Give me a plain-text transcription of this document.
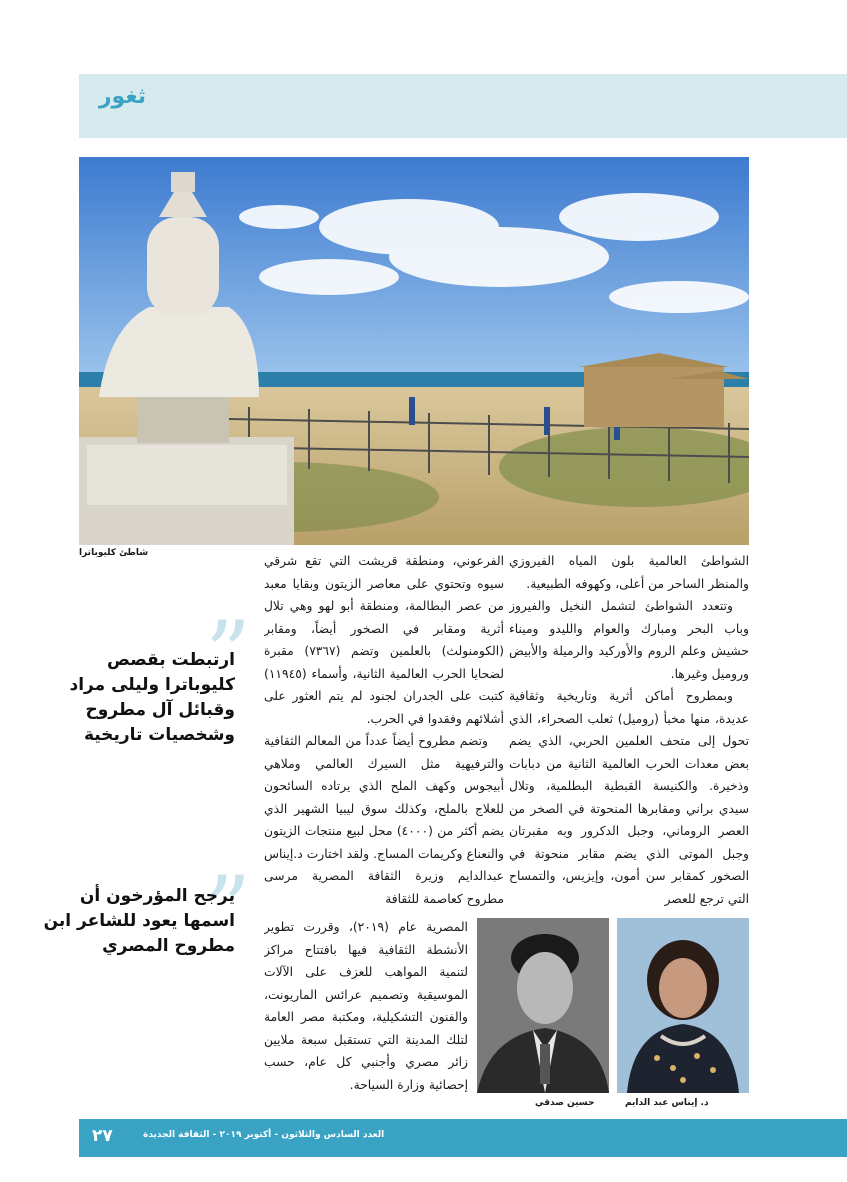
ثغور
شاطئ كليوباترا

الشواطئ العالمية بلون المياه الفيروزي والمنظر الساحر من أعلى، وكهوفه الطبيعية.

وتتعدد الشواطئ لتشمل النخيل والفيروز وباب البحر ومبارك والعوام والليدو وميناء حشيش وعلم الروم والأوركيد والرميلة والأبيض وروميل وغيرها.

وبمطروح أماكن أثرية وتاريخية وثقافية عديدة، منها مخبأ (روميل) ثعلب الصحراء، الذي تحول إلى متحف العلمين الحربي، الذي يضم بعض معدات الحرب العالمية الثانية من دبابات وذخيرة. والكنيسة القبطية البطلمية، وتلال سيدي براني ومقابرها المنحوتة في الصخر من العصر الروماني، وجبل الدكرور وبه مقبرتان وجبل الموتى الذي يضم مقابر منحوتة في الصخور كمقابر سن أمون، وإيزيس، والتمساح التي ترجع للعصر

الفرعوني، ومنطقة قريشت التي تقع شرقي سيوه وتحتوي على معاصر الزيتون وبقايا معبد من عصر البطالمة، ومنطقة أبو لهو وهي تلال أثرية ومقابر في الصخور أيضاً، ومقابر (الكومنولث) بالعلمين وتضم (٧٣٦٧) مقبرة لضحايا الحرب العالمية الثانية، وأسماء (١١٩٤٥) كتبت على الجدران لجنود لم يتم العثور على أشلائهم وفقدوا في الحرب.

وتضم مطروح أيضاً عدداً من المعالم الثقافية والترفيهية مثل السيرك العالمي وملاهي أبيجوس وكهف الملح الذي يرتاده السائحون للعلاج بالملح، وكذلك سوق ليبيا الشهير الذي يضم أكثر من (٤٠٠٠) محل لبيع منتجات الزيتون والنعناع وكريمات المساج. ولقد اختارت د.إيناس عبدالدايم وزيرة الثقافة المصرية مرسى مطروح كعاصمة للثقافة

المصرية عام (٢٠١٩)، وقررت تطوير الأنشطة الثقافية فيها بافتتاح مراكز لتنمية المواهب للعزف على الآلات الموسيقية وتصميم عرائس الماريونت، والفنون التشكيلية، ومكتبة مصر العامة لتلك المدينة التي تستقبل سبعة ملايين زائر مصري وأجنبي كل عام، حسب إحصائية وزارة السياحة.

”
ارتبطت بقصص كليوباترا وليلى مراد وقبائل آل مطروح وشخصيات تاريخية
”
يرجح المؤرخون أن اسمها يعود للشاعر ابن مطروح المصري
د. إيناس عبد الدايم
حسين صدقي
٢٧	العدد السادس والثلاثون - أكتوبر ٢٠١٩ - الثقافة الجديدة
